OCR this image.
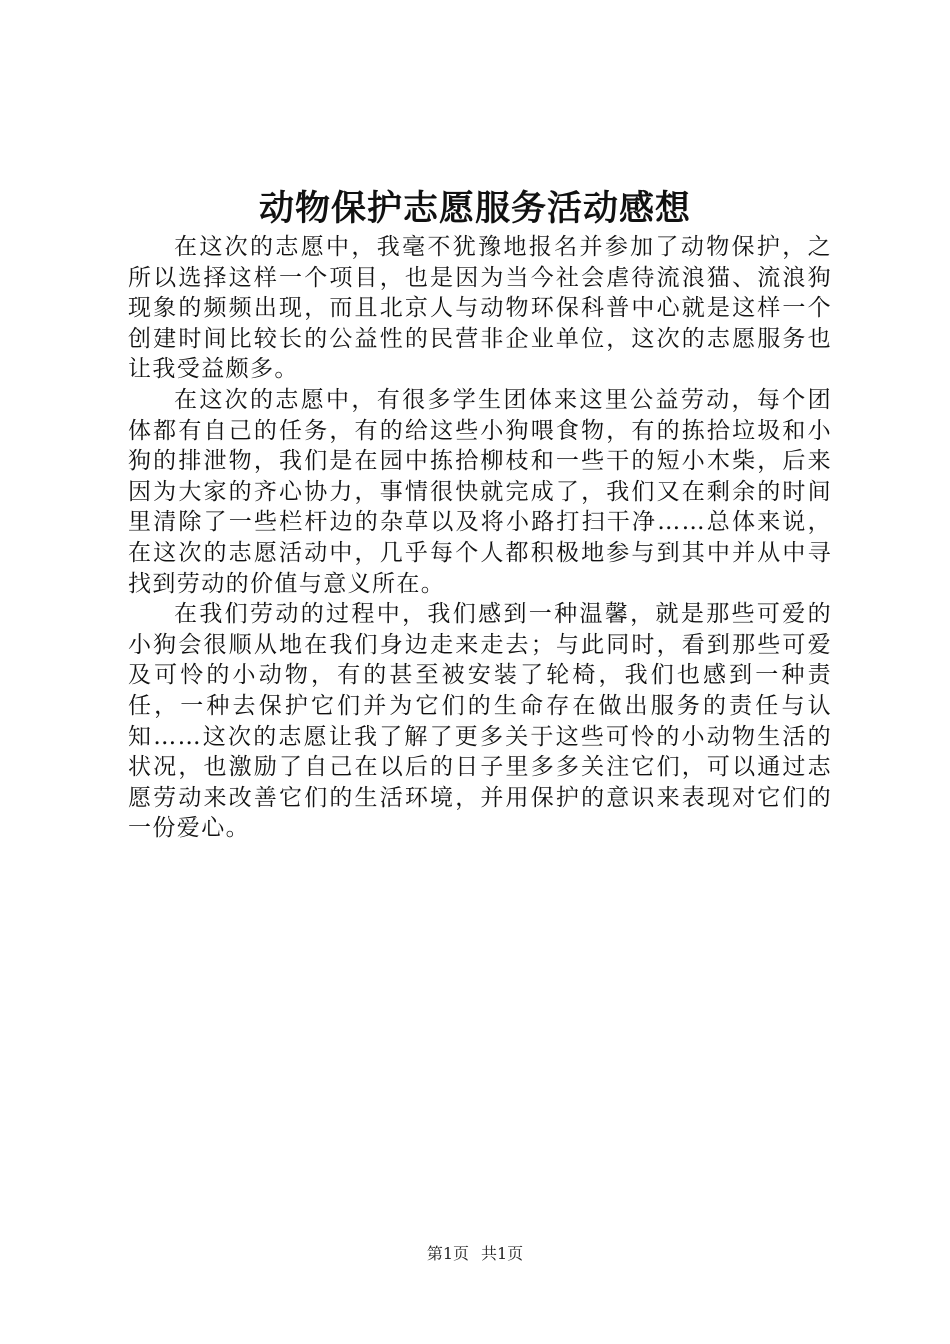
动物保护志愿服务活动感想

在这次的志愿中，我毫不犹豫地报名并参加了动物保护，之所以选择这样一个项目，也是因为当今社会虐待流浪猫、流浪狗现象的频频出现，而且北京人与动物环保科普中心就是这样一个创建时间比较长的公益性的民营非企业单位，这次的志愿服务也让我受益颇多。

在这次的志愿中，有很多学生团体来这里公益劳动，每个团体都有自己的任务，有的给这些小狗喂食物，有的拣拾垃圾和小狗的排泄物，我们是在园中拣拾柳枝和一些干的短小木柴，后来因为大家的齐心协力，事情很快就完成了，我们又在剩余的时间里清除了一些栏杆边的杂草以及将小路打扫干净……总体来说，在这次的志愿活动中，几乎每个人都积极地参与到其中并从中寻找到劳动的价值与意义所在。

在我们劳动的过程中，我们感到一种温馨，就是那些可爱的小狗会很顺从地在我们身边走来走去；与此同时，看到那些可爱及可怜的小动物，有的甚至被安装了轮椅，我们也感到一种责任，一种去保护它们并为它们的生命存在做出服务的责任与认知……这次的志愿让我了解了更多关于这些可怜的小动物生活的状况，也激励了自己在以后的日子里多多关注它们，可以通过志愿劳动来改善它们的生活环境，并用保护的意识来表现对它们的一份爱心。

第1页 共1页
